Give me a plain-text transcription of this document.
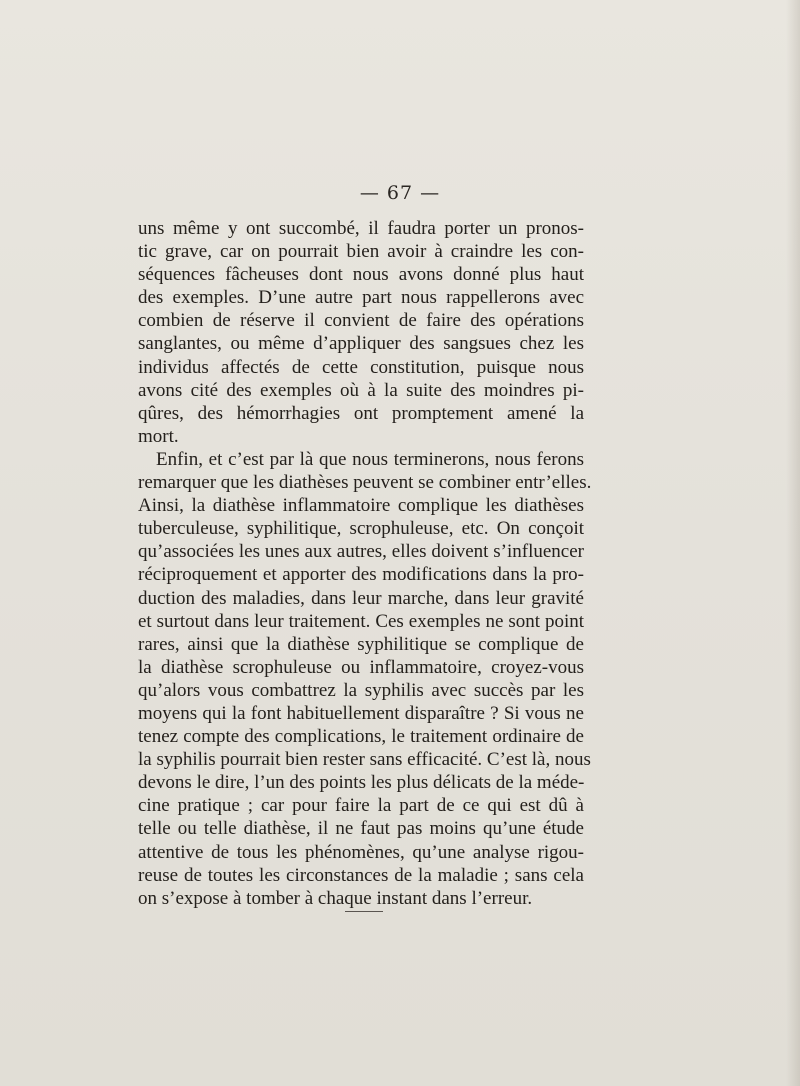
— 67 —
uns même y ont succombé, il faudra porter un pronos-
tic grave, car on pourrait bien avoir à craindre les con-
séquences fâcheuses dont nous avons donné plus haut
des exemples. D’une autre part nous rappellerons avec
combien de réserve il convient de faire des opérations
sanglantes, ou même d’appliquer des sangsues chez les
individus affectés de cette constitution, puisque nous
avons cité des exemples où à la suite des moindres pi-
qûres, des hémorrhagies ont promptement amené la
mort.
Enfin, et c’est par là que nous terminerons, nous ferons
remarquer que les diathèses peuvent se combiner entr’elles.
Ainsi, la diathèse inflammatoire complique les diathèses
tuberculeuse, syphilitique, scrophuleuse, etc. On conçoit
qu’associées les unes aux autres, elles doivent s’influencer
réciproquement et apporter des modifications dans la pro-
duction des maladies, dans leur marche, dans leur gravité
et surtout dans leur traitement. Ces exemples ne sont point
rares, ainsi que la diathèse syphilitique se complique de
la diathèse scrophuleuse ou inflammatoire, croyez-vous
qu’alors vous combattrez la syphilis avec succès par les
moyens qui la font habituellement disparaître ? Si vous ne
tenez compte des complications, le traitement ordinaire de
la syphilis pourrait bien rester sans efficacité. C’est là, nous
devons le dire, l’un des points les plus délicats de la méde-
cine pratique ; car pour faire la part de ce qui est dû à
telle ou telle diathèse, il ne faut pas moins qu’une étude
attentive de tous les phénomènes, qu’une analyse rigou-
reuse de toutes les circonstances de la maladie ; sans cela
on s’expose à tomber à chaque instant dans l’erreur.
